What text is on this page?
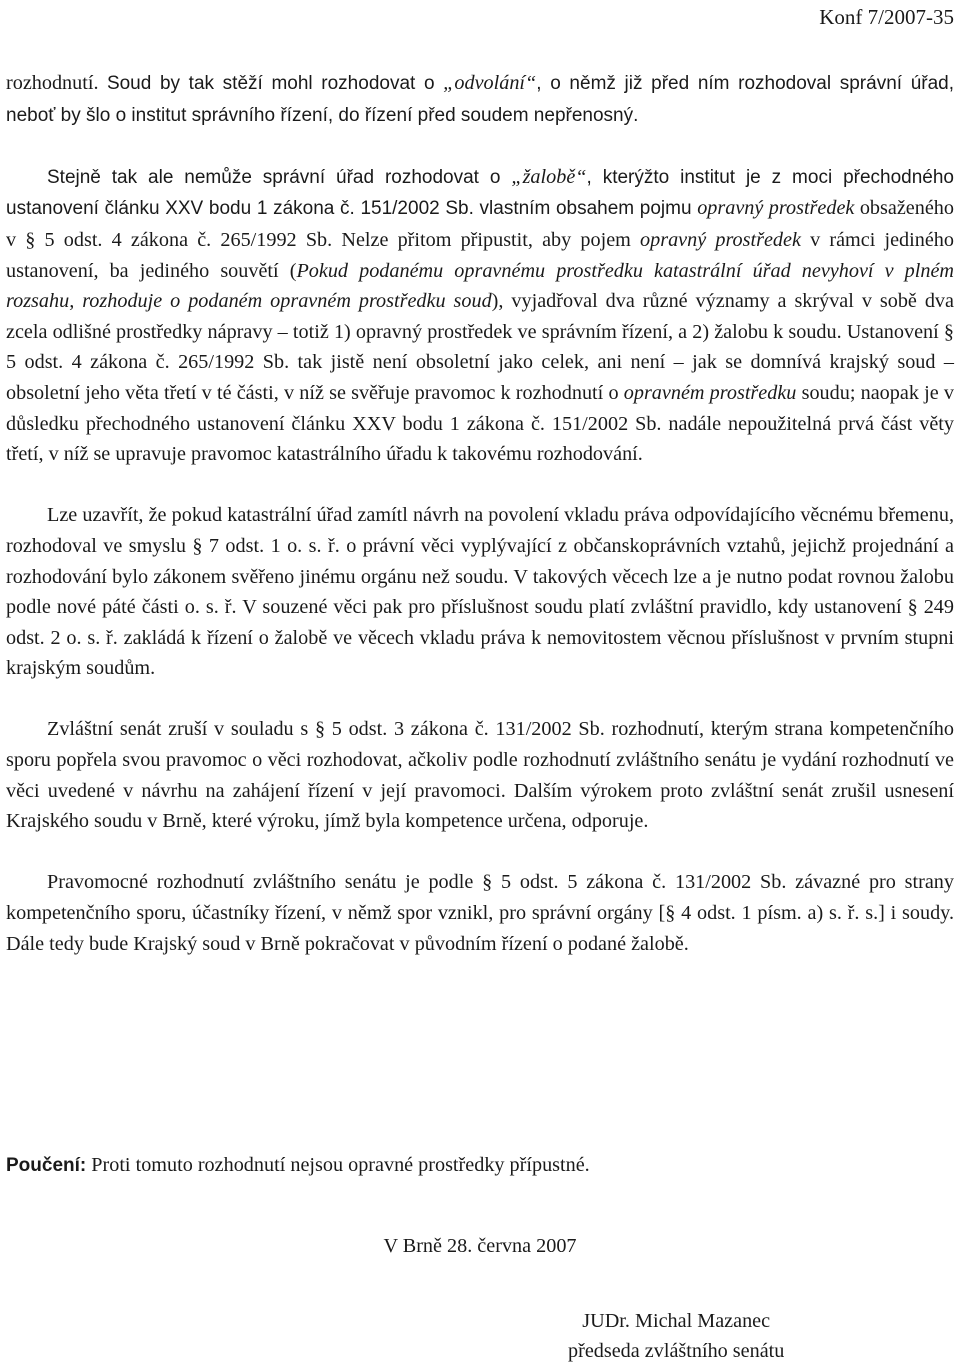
Konf 7/2007-35

rozhodnutí. Soud by tak stěží mohl rozhodovat o „odvolání“, o němž již před ním rozhodoval správní úřad, neboť by šlo o institut správního řízení, do řízení před soudem nepřenosný.

Stejně tak ale nemůže správní úřad rozhodovat o „žalobě“, kterýžto institut je z moci přechodného ustanovení článku XXV bodu 1 zákona č. 151/2002 Sb. vlastním obsahem pojmu opravný prostředek obsaženého v § 5 odst. 4 zákona č. 265/1992 Sb. Nelze přitom připustit, aby pojem opravný prostředek v rámci jediného ustanovení, ba jediného souvětí (Pokud podanému opravnému prostředku katastrální úřad nevyhoví v plném rozsahu, rozhoduje o podaném opravném prostředku soud), vyjadřoval dva různé významy a skrýval v sobě dva zcela odlišné prostředky nápravy – totiž 1) opravný prostředek ve správním řízení, a 2) žalobu k soudu. Ustanovení § 5 odst. 4 zákona č. 265/1992 Sb. tak jistě není obsoletní jako celek, ani není – jak se domnívá krajský soud – obsoletní jeho věta třetí v té části, v níž se svěřuje pravomoc k rozhodnutí o opravném prostředku soudu; naopak je v důsledku přechodného ustanovení článku XXV bodu 1 zákona č. 151/2002 Sb. nadále nepoužitelná prvá část věty třetí, v níž se upravuje pravomoc katastrálního úřadu k takovému rozhodování.

Lze uzavřít, že pokud katastrální úřad zamítl návrh na povolení vkladu práva odpovídajícího věcnému břemenu, rozhodoval ve smyslu § 7 odst. 1 o. s. ř. o právní věci vyplývající z občanskoprávních vztahů, jejichž projednání a rozhodování bylo zákonem svěřeno jinému orgánu než soudu. V takových věcech lze a je nutno podat rovnou žalobu podle nové páté části o. s. ř. V souzené věci pak pro příslušnost soudu platí zvláštní pravidlo, kdy ustanovení § 249 odst. 2 o. s. ř. zakládá k řízení o žalobě ve věcech vkladu práva k nemovitostem věcnou příslušnost v prvním stupni krajským soudům.

Zvláštní senát zruší v souladu s § 5 odst. 3 zákona č. 131/2002 Sb. rozhodnutí, kterým strana kompetenčního sporu popřela svou pravomoc o věci rozhodovat, ačkoliv podle rozhodnutí zvláštního senátu je vydání rozhodnutí ve věci uvedené v návrhu na zahájení řízení v její pravomoci. Dalším výrokem proto zvláštní senát zrušil usnesení Krajského soudu v Brně, které výroku, jímž byla kompetence určena, odporuje.

Pravomocné rozhodnutí zvláštního senátu je podle § 5 odst. 5 zákona č. 131/2002 Sb. závazné pro strany kompetenčního sporu, účastníky řízení, v němž spor vznikl, pro správní orgány [§ 4 odst. 1 písm. a) s. ř. s.] i soudy. Dále tedy bude Krajský soud v Brně pokračovat v původním řízení o podané žalobě.

Poučení: Proti tomuto rozhodnutí nejsou opravné prostředky přípustné.
V Brně 28. června 2007
JUDr. Michal Mazanec
předseda zvláštního senátu
